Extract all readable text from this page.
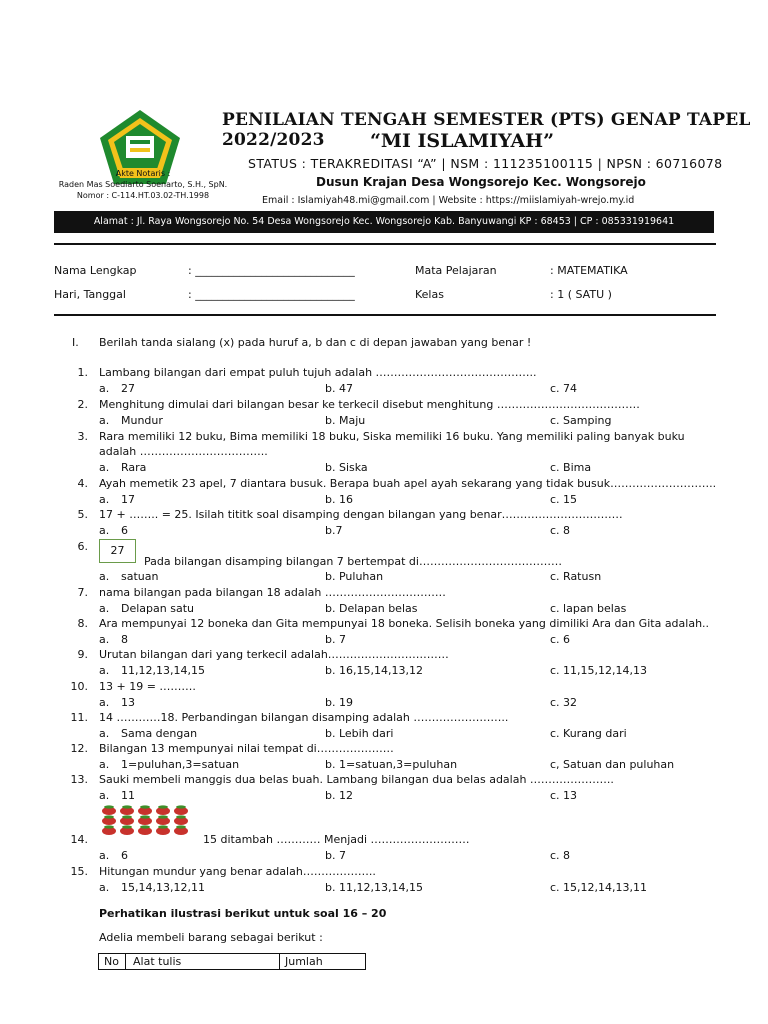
Akte Notaris :
Raden Mas Soediarto Soenarto, S.H., SpN.
Nomor : C-114.HT.03.02-TH.1998
PENILAIAN TENGAH SEMESTER (PTS) GENAP TAPEL 2022/2023	“MI ISLAMIYAH”
STATUS : TERAKREDITASI “A” | NSM : 111235100115 | NPSN : 60716078
Dusun Krajan Desa Wongsorejo Kec. Wongsorejo
Email : Islamiyah48.mi@gmail.com | Website : https://miislamiyah-wrejo.my.id
Alamat : Jl. Raya Wongsorejo No. 54 Desa Wongsorejo Kec. Wongsorejo Kab. Banyuwangi KP : 68453 | CP : 085331919641
Nama Lengkap	: _____________________________
Hari, Tanggal	: _____________________________
Mata Pelajaran	: MATEMATIKA
Kelas	: 1 ( SATU )
I. Berilah tanda sialang (x) pada huruf a, b dan c di depan jawaban yang benar !
1. Lambang bilangan dari empat puluh tujuh adalah ……………………………………..
a. 27	b. 47	c. 74
2. Menghitung dimulai dari bilangan besar ke terkecil disebut menghitung …………………………………
a. Mundur	b. Maju	c. Samping
3. Rara memiliki 12 buku, Bima memiliki 18 buku, Siska memiliki 16 buku. Yang memiliki paling banyak buku
adalah ……………………………..
a. Rara	b. Siska	c. Bima
4. Ayah memetik 23 apel, 7 diantara busuk. Berapa buah apel ayah sekarang yang tidak busuk………………………..
a. 17	b. 16	c. 15
5. 17 + …….. = 25. Isilah tititk soal disamping dengan bilangan yang benar……………………………
a. 6	b.7	c. 8
6.
Pada bilangan disamping bilangan 7 bertempat di…………………………………
a. satuan	b. Puluhan	c. Ratusn
7. nama bilangan pada bilangan 18 adalah ……………………………
a. Delapan satu	b. Delapan belas	c. lapan belas
8. Ara mempunyai 12 boneka dan Gita mempunyai 18 boneka. Selisih boneka yang dimiliki Ara dan Gita adalah..
a. 8	b. 7	c. 6
9. Urutan bilangan dari yang terkecil adalah……………………………
a. 11,12,13,14,15	b. 16,15,14,13,12	c. 11,15,12,14,13
10. 13 + 19 = ……….
a. 13	b. 19	c. 32
11. 14 …………18. Perbandingan bilangan disamping adalah ……………………..
a. Sama dengan	b. Lebih dari	c. Kurang dari
12. Bilangan 13 mempunyai nilai tempat di…………………
a. 1=puluhan,3=satuan	b. 1=satuan,3=puluhan	c, Satuan dan puluhan
13. Sauki membeli manggis dua belas buah. Lambang bilangan dua belas adalah …………………..
a. 11	b. 12	c. 13
14.	15 ditambah ………… Menjadi ………………………
a. 6	b. 7	c. 8
15. Hitungan mundur yang benar adalah………………..
a. 15,14,13,12,11	b. 11,12,13,14,15	c. 15,12,14,13,11
27
Perhatikan ilustrasi berikut untuk soal 16 – 20
Adelia membeli barang sebagai berikut :
No Alat tulis	Jumlah
